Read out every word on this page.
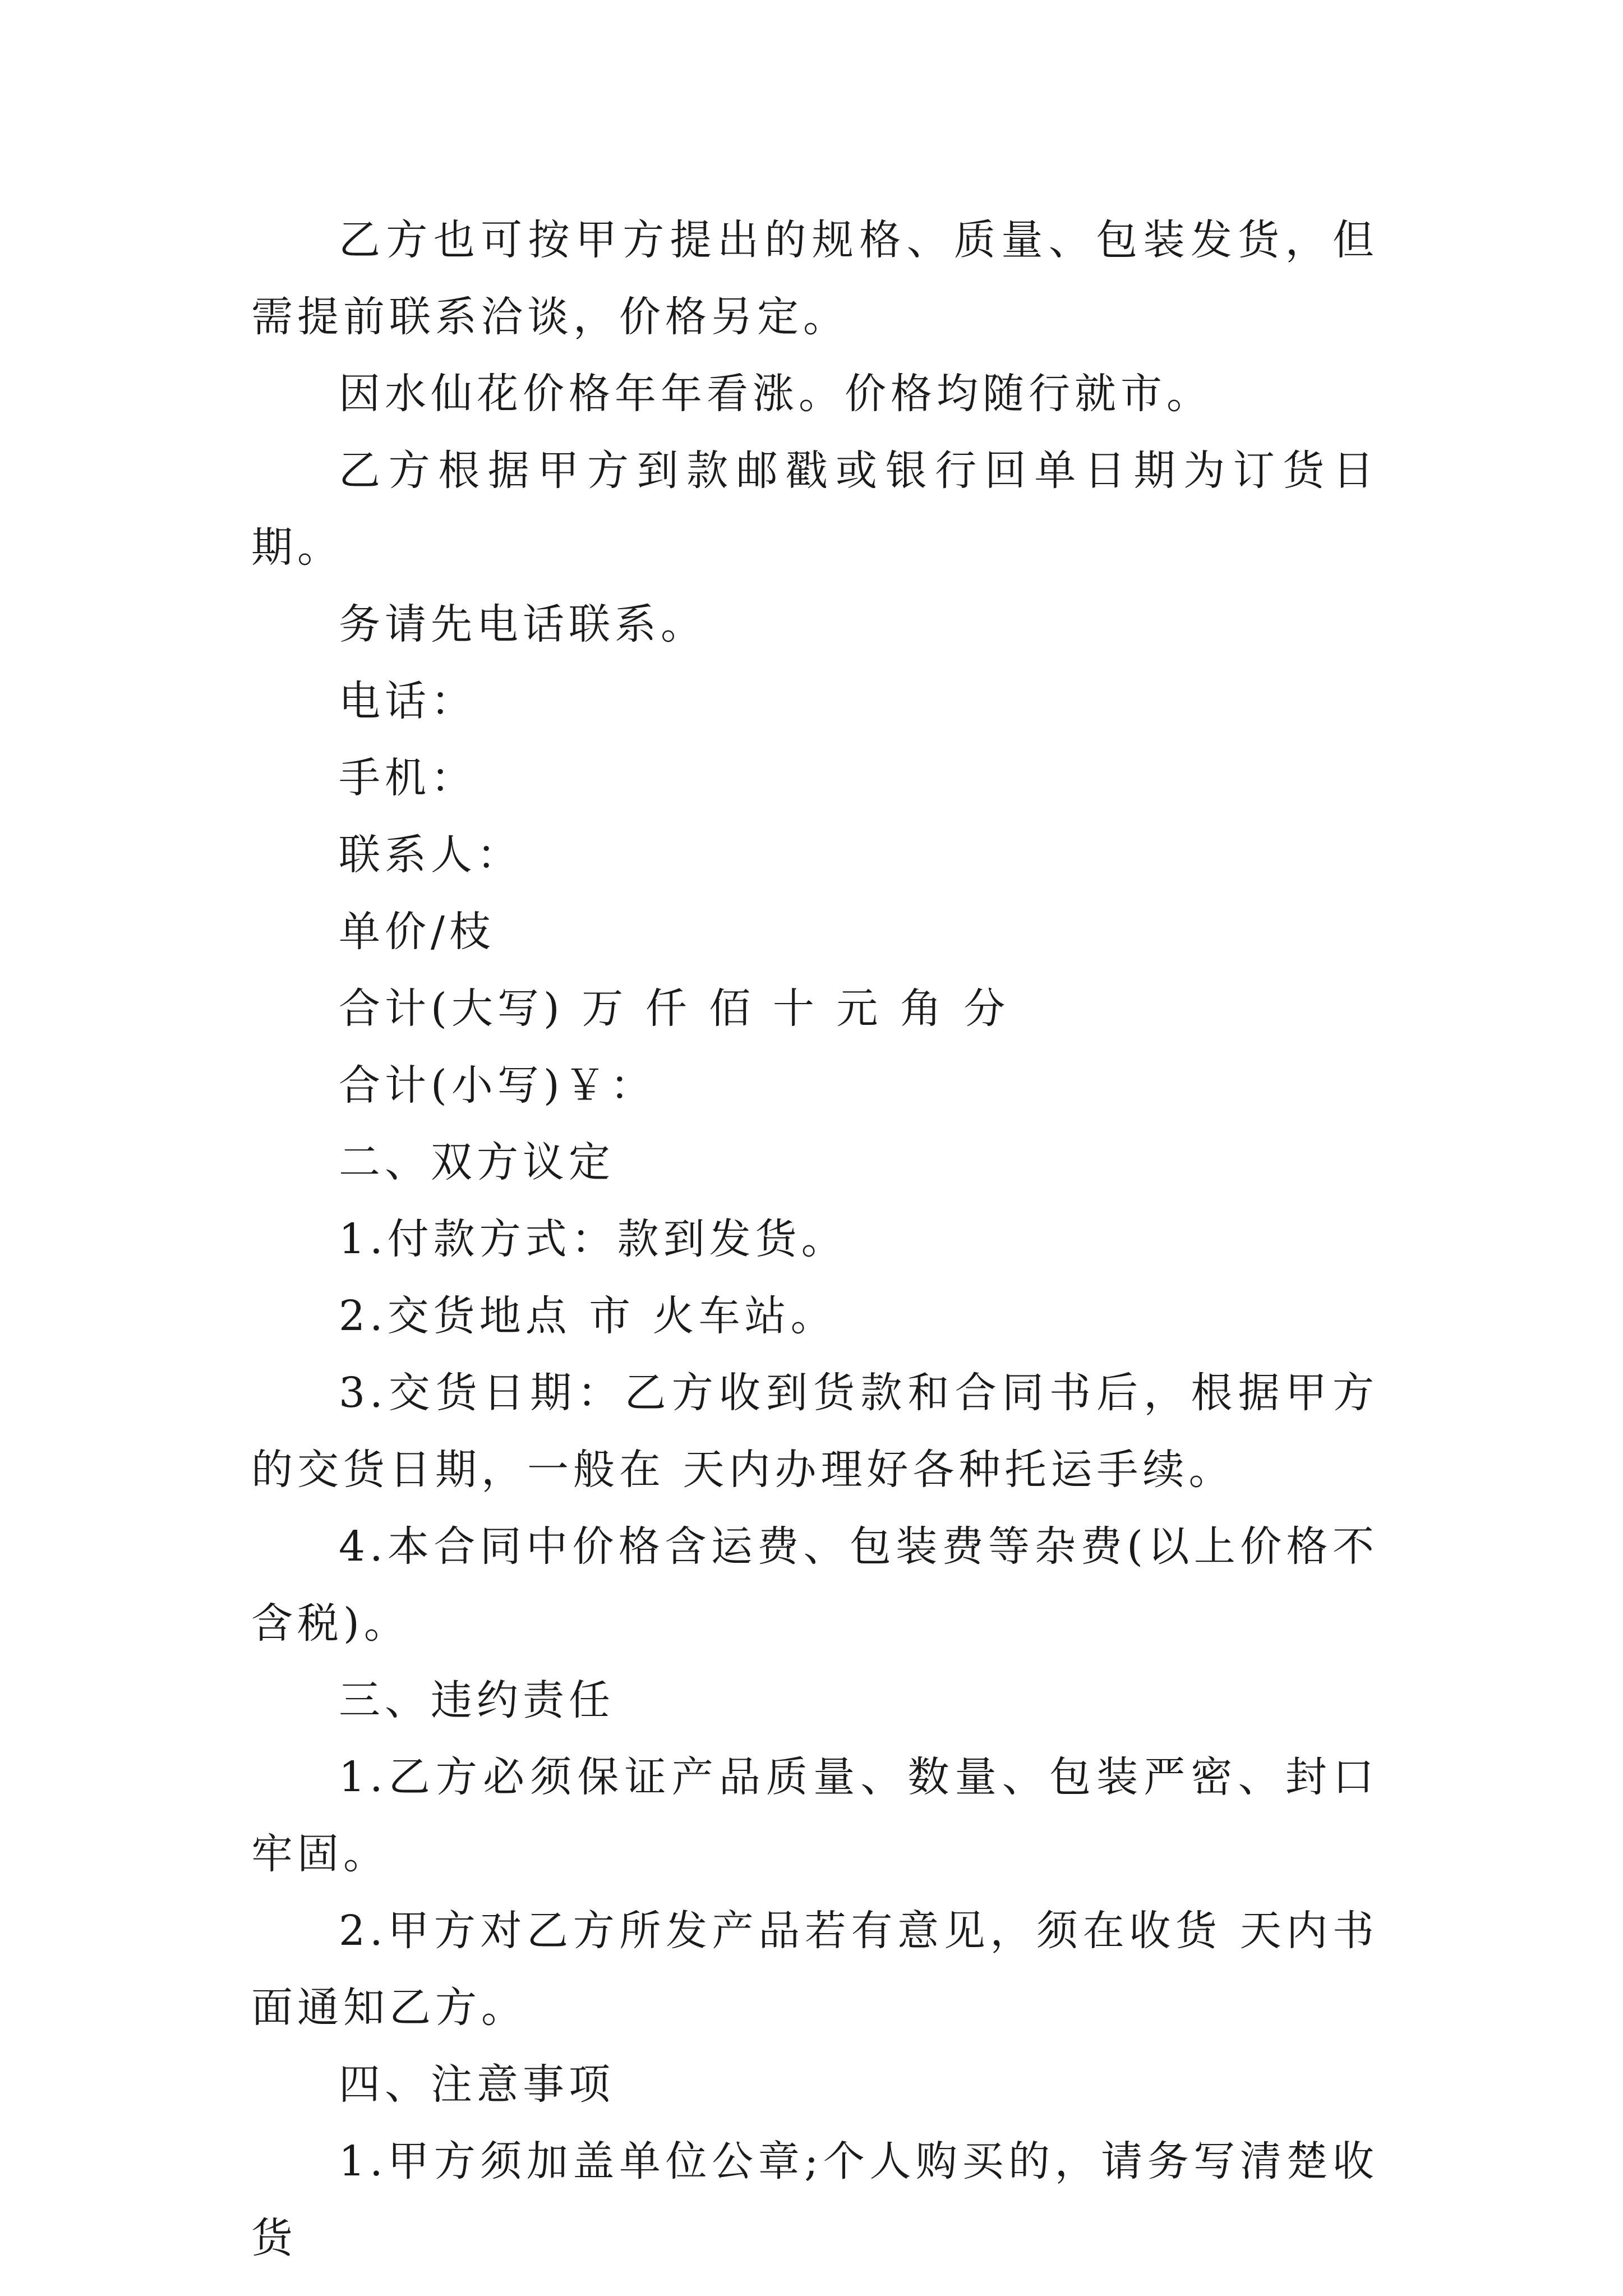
乙方也可按甲方提出的规格、质量、包装发货，但需提前联系洽谈，价格另定。

因水仙花价格年年看涨。价格均随行就市。

乙方根据甲方到款邮戳或银行回单日期为订货日期。

务请先电话联系。

电话：

手机：

联系人：

单价/枝

合计(大写) 万 仟 佰 十 元 角 分

合计(小写)￥：

二、双方议定

1.付款方式：款到发货。

2.交货地点 市 火车站。

3.交货日期：乙方收到货款和合同书后，根据甲方的交货日期，一般在 天内办理好各种托运手续。

4.本合同中价格含运费、包装费等杂费(以上价格不含税)。

三、违约责任

1.乙方必须保证产品质量、数量、包装严密、封口牢固。

2.甲方对乙方所发产品若有意见，须在收货 天内书面通知乙方。

四、注意事项

1.甲方须加盖单位公章;个人购买的，请务写清楚收货
